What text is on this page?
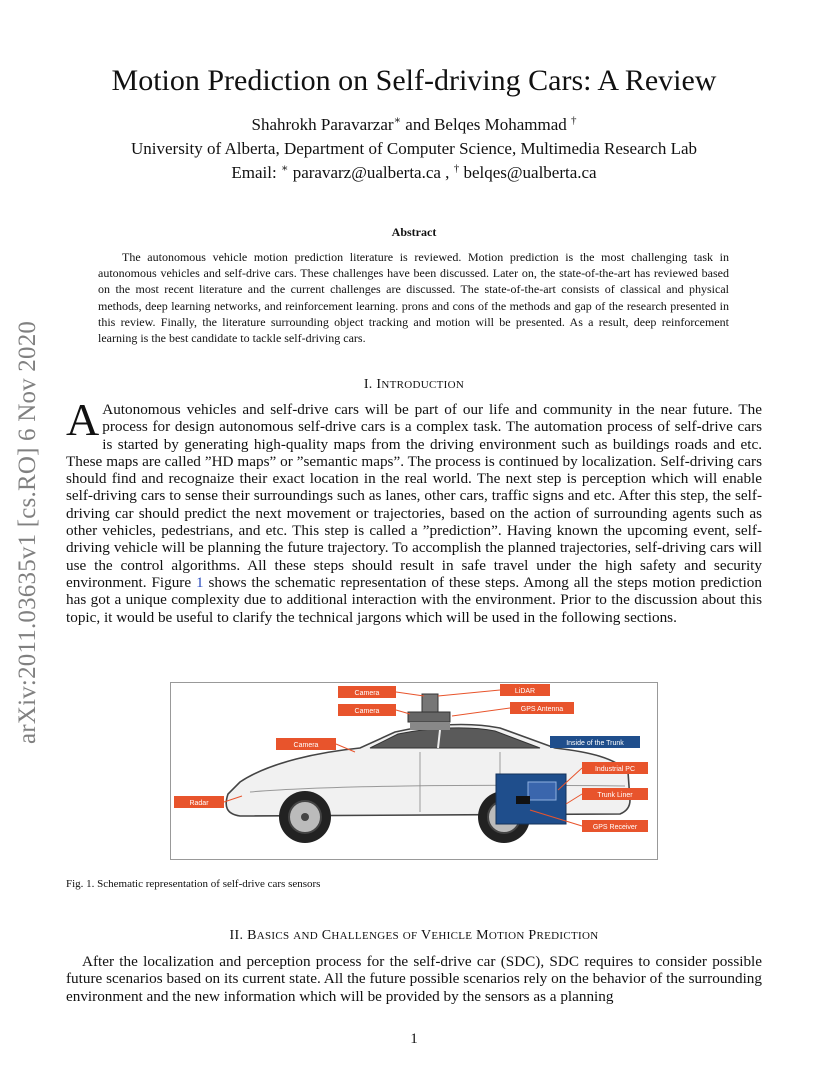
arXiv:2011.03635v1 [cs.RO] 6 Nov 2020
Motion Prediction on Self-driving Cars: A Review
Shahrokh Paravarzar∗ and Belqes Mohammad †
University of Alberta, Department of Computer Science, Multimedia Research Lab
Email: ∗ paravarz@ualberta.ca , † belqes@ualberta.ca
Abstract

The autonomous vehicle motion prediction literature is reviewed. Motion prediction is the most challenging task in autonomous vehicles and self-drive cars. These challenges have been discussed. Later on, the state-of-the-art has reviewed based on the most recent literature and the current challenges are discussed. The state-of-the-art consists of classical and physical methods, deep learning networks, and reinforcement learning. prons and cons of the methods and gap of the research presented in this review. Finally, the literature surrounding object tracking and motion will be presented. As a result, deep reinforcement learning is the best candidate to tackle self-driving cars.

I. INTRODUCTION

A Autonomous vehicles and self-drive cars will be part of our life and community in the near future. The process for design autonomous self-drive cars is a complex task. The automation process of self-drive cars is started by generating high-quality maps from the driving environment such as buildings roads and etc. These maps are called ”HD maps” or ”semantic maps”. The process is continued by localization. Self-driving cars should find and recognaize their exact location in the real world. The next step is perception which will enable self-driving cars to sense their surroundings such as lanes, other cars, traffic signs and etc. After this step, the self-driving car should predict the next movement or trajectories, based on the action of surrounding agents such as other vehicles, pedestrians, and etc. This step is called a ”prediction”. Having known the upcoming event, self-driving vehicle will be planning the future trajectory. To accomplish the planned trajectories, self-driving cars will use the control algorithms. All these steps should result in safe travel under the high safety and security environment. Figure 1 shows the schematic representation of these steps. Among all the steps motion prediction has got a unique complexity due to additional interaction with the environment. Prior to the discussion about this topic, it would be useful to clarify the technical jargons which will be used in the following sections.

Camera
Camera
LiDAR
GPS Antenna
Camera	Inside of the Trunk
Industrial PC
Trunk Liner
GPS Receiver
Radar
Fig. 1. Schematic representation of self-drive cars sensors
II. BASICS AND CHALLENGES OF VEHICLE MOTION PREDICTION

After the localization and perception process for the self-drive car (SDC), SDC requires to consider possible future scenarios based on its current state. All the future possible scenarios rely on the behavior of the surrounding environment and the new information which will be provided by the sensors as a planning

1
